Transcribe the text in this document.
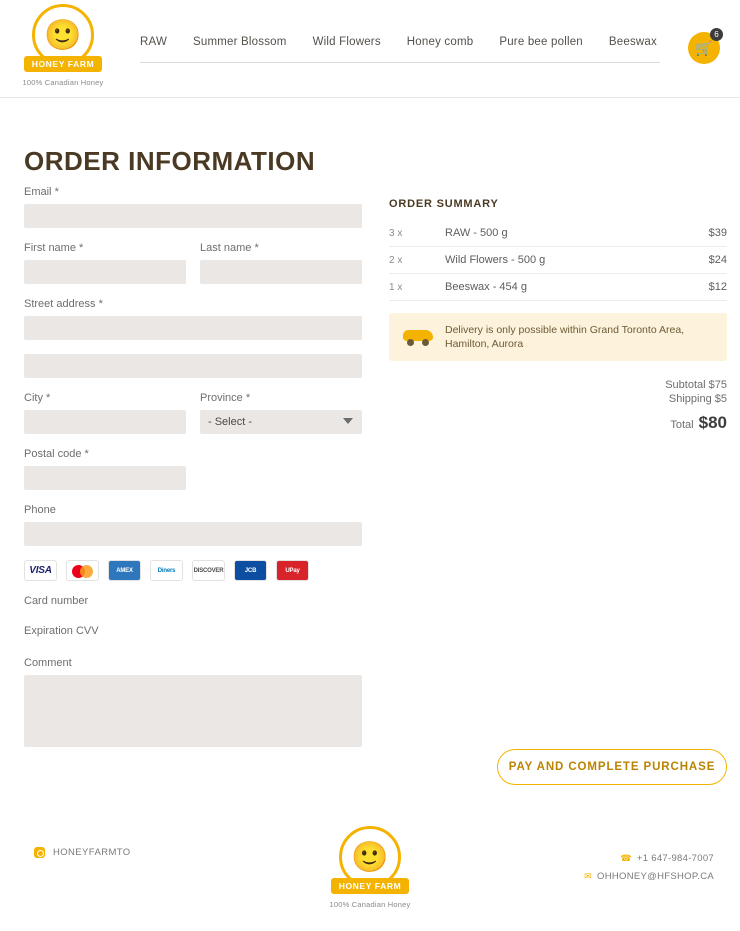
🙂
HONEY FARM
100% Canadian Honey
RAW Summer Blossom Wild Flowers Honey comb Pure bee pollen Beeswax	🛒
6
ORDER INFORMATION
Email *
First name *	Last name *
Street address *
City *	Province *
- Select -
Postal code *
Phone
VISA	AMEX	Diners	DISCOVER	JCB	UPay
Card number
Expiration CVV
Comment
ORDER SUMMARY
3 x	RAW - 500 g	$39
2 x	Wild Flowers - 500 g	$24
1 x	Beeswax - 454 g	$12
Delivery is only possible within Grand Toronto Area, Hamilton, Aurora
Subtotal $75
Shipping $5
Total $80
PAY AND COMPLETE PURCHASE
HONEYFARMTO	🙂
HONEY FARM
100% Canadian Honey
☎ +1 647-984-7007
✉ OHHONEY@HFSHOP.CA
